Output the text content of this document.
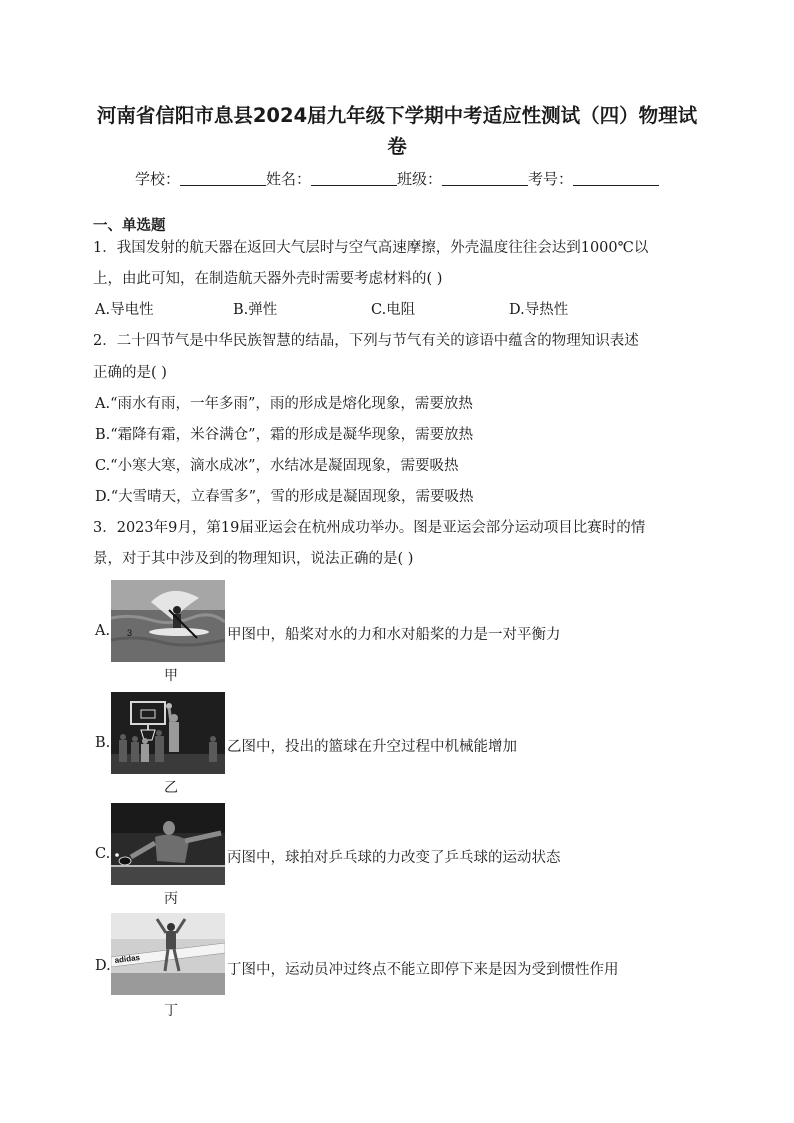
河南省信阳市息县2024届九年级下学期中考适应性测试（四）物理试
卷
学校：	姓名：	班级：	考号：
一、单选题
1．我国发射的航天器在返回大气层时与空气高速摩擦，外壳温度往往会达到1000℃以
上，由此可知，在制造航天器外壳时需要考虑材料的( )
A.导电性	B.弹性	C.电阻	D.导热性
2．二十四节气是中华民族智慧的结晶，下列与节气有关的谚语中蕴含的物理知识表述
正确的是( )
A.“雨水有雨，一年多雨”，雨的形成是熔化现象，需要放热
B.“霜降有霜，米谷满仓”，霜的形成是凝华现象，需要放热
C.“小寒大寒，滴水成冰”，水结冰是凝固现象，需要吸热
D.“大雪晴天，立春雪多”，雪的形成是凝固现象，需要吸热
3．2023年9月，第19届亚运会在杭州成功举办。图是亚运会部分运动项目比赛时的情
景，对于其中涉及到的物理知识，说法正确的是( )
A. 3	甲图中，船桨对水的力和水对船桨的力是一对平衡力
甲
B.	乙图中，投出的篮球在升空过程中机械能增加
乙
C.	丙图中，球拍对乒乓球的力改变了乒乓球的运动状态
丙
D. adidas
丁图中，运动员冲过终点不能立即停下来是因为受到惯性作用
丁
